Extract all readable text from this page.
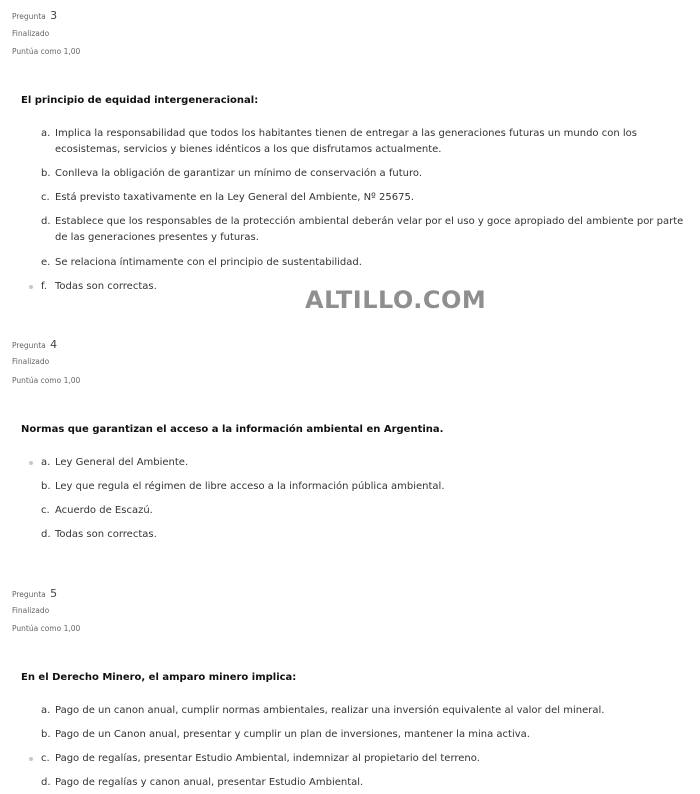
Pregunta 3
Finalizado
Puntúa como 1,00
El principio de equidad intergeneracional:
a. Implica la responsabilidad que todos los habitantes tienen de entregar a las generaciones futuras un mundo con los ecosistemas, servicios y bienes idénticos a los que disfrutamos actualmente.
b. Conlleva la obligación de garantizar un mínimo de conservación a futuro.
c. Está previsto taxativamente en la Ley General del Ambiente, Nº 25675.
d. Establece que los responsables de la protección ambiental deberán velar por el uso y goce apropiado del ambiente por parte de las generaciones presentes y futuras.
e. Se relaciona íntimamente con el principio de sustentabilidad.
f. Todas son correctas.	ALTILLO.COM
Pregunta 4
Finalizado
Puntúa como 1,00
Normas que garantizan el acceso a la información ambiental en Argentina.
a. Ley General del Ambiente.
b. Ley que regula el régimen de libre acceso a la información pública ambiental.
c. Acuerdo de Escazú.
d. Todas son correctas.
Pregunta 5
Finalizado
Puntúa como 1,00
En el Derecho Minero, el amparo minero implica:
a. Pago de un canon anual, cumplir normas ambientales, realizar una inversión equivalente al valor del mineral.
b. Pago de un Canon anual, presentar y cumplir un plan de inversiones, mantener la mina activa.
c. Pago de regalías, presentar Estudio Ambiental, indemnizar al propietario del terreno.
d. Pago de regalías y canon anual, presentar Estudio Ambiental.
